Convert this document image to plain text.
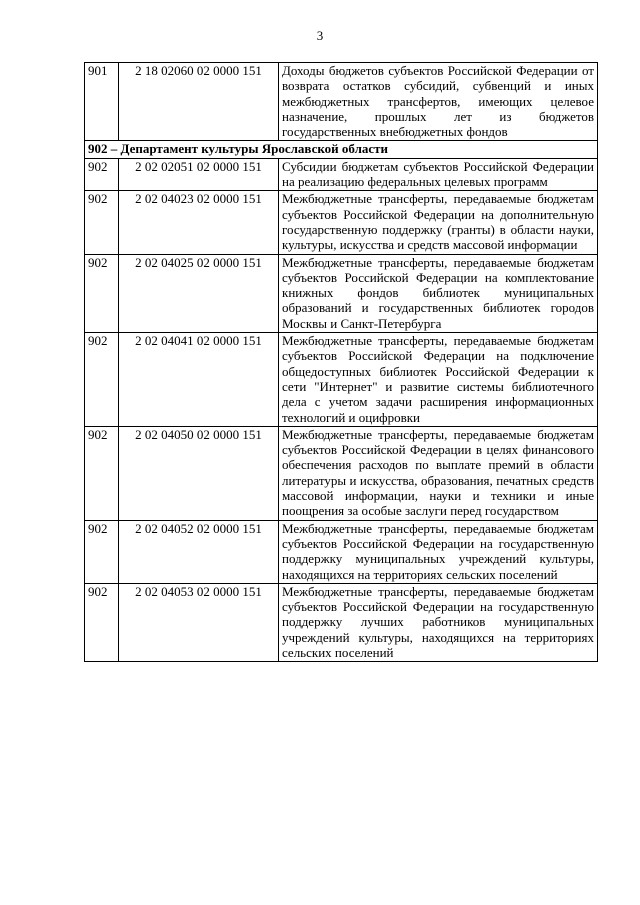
3
901	2 18 02060 02 0000 151	Доходы бюджетов субъектов Российской Федерации от возврата остатков субсидий, субвенций и иных межбюджетных трансфертов, имеющих целевое назначение, прошлых лет из бюджетов государственных внебюджетных фондов
902 – Департамент культуры Ярославской области		
902	2 02 02051 02 0000 151	Субсидии бюджетам субъектов Российской Федерации на реализацию федеральных целевых программ
902	2 02 04023 02 0000 151	Межбюджетные трансферты, передаваемые бюджетам субъектов Российской Федерации на дополнительную государственную поддержку (гранты) в области науки, культуры, искусства и средств массовой информации
902	2 02 04025 02 0000 151	Межбюджетные трансферты, передаваемые бюджетам субъектов Российской Федерации на комплектование книжных фондов библиотек муниципальных образований и государственных библиотек городов Москвы и Санкт-Петербурга
902	2 02 04041 02 0000 151	Межбюджетные трансферты, передаваемые бюджетам субъектов Российской Федерации на подключение общедоступных библиотек Российской Федерации к сети "Интернет" и развитие системы библиотечного дела с учетом задачи расширения информационных технологий и оцифровки
902	2 02 04050 02 0000 151	Межбюджетные трансферты, передаваемые бюджетам субъектов Российской Федерации в целях финансового обеспечения расходов по выплате премий в области литературы и искусства, образования, печатных средств массовой информации, науки и техники и иные поощрения за особые заслуги перед государством
902	2 02 04052 02 0000 151	Межбюджетные трансферты, передаваемые бюджетам субъектов Российской Федерации на государственную поддержку муниципальных учреждений культуры, находящихся на территориях сельских поселений
902	2 02 04053 02 0000 151	Межбюджетные трансферты, передаваемые бюджетам субъектов Российской Федерации на государственную поддержку лучших работников муниципальных учреждений культуры, находящихся на территориях сельских поселений
